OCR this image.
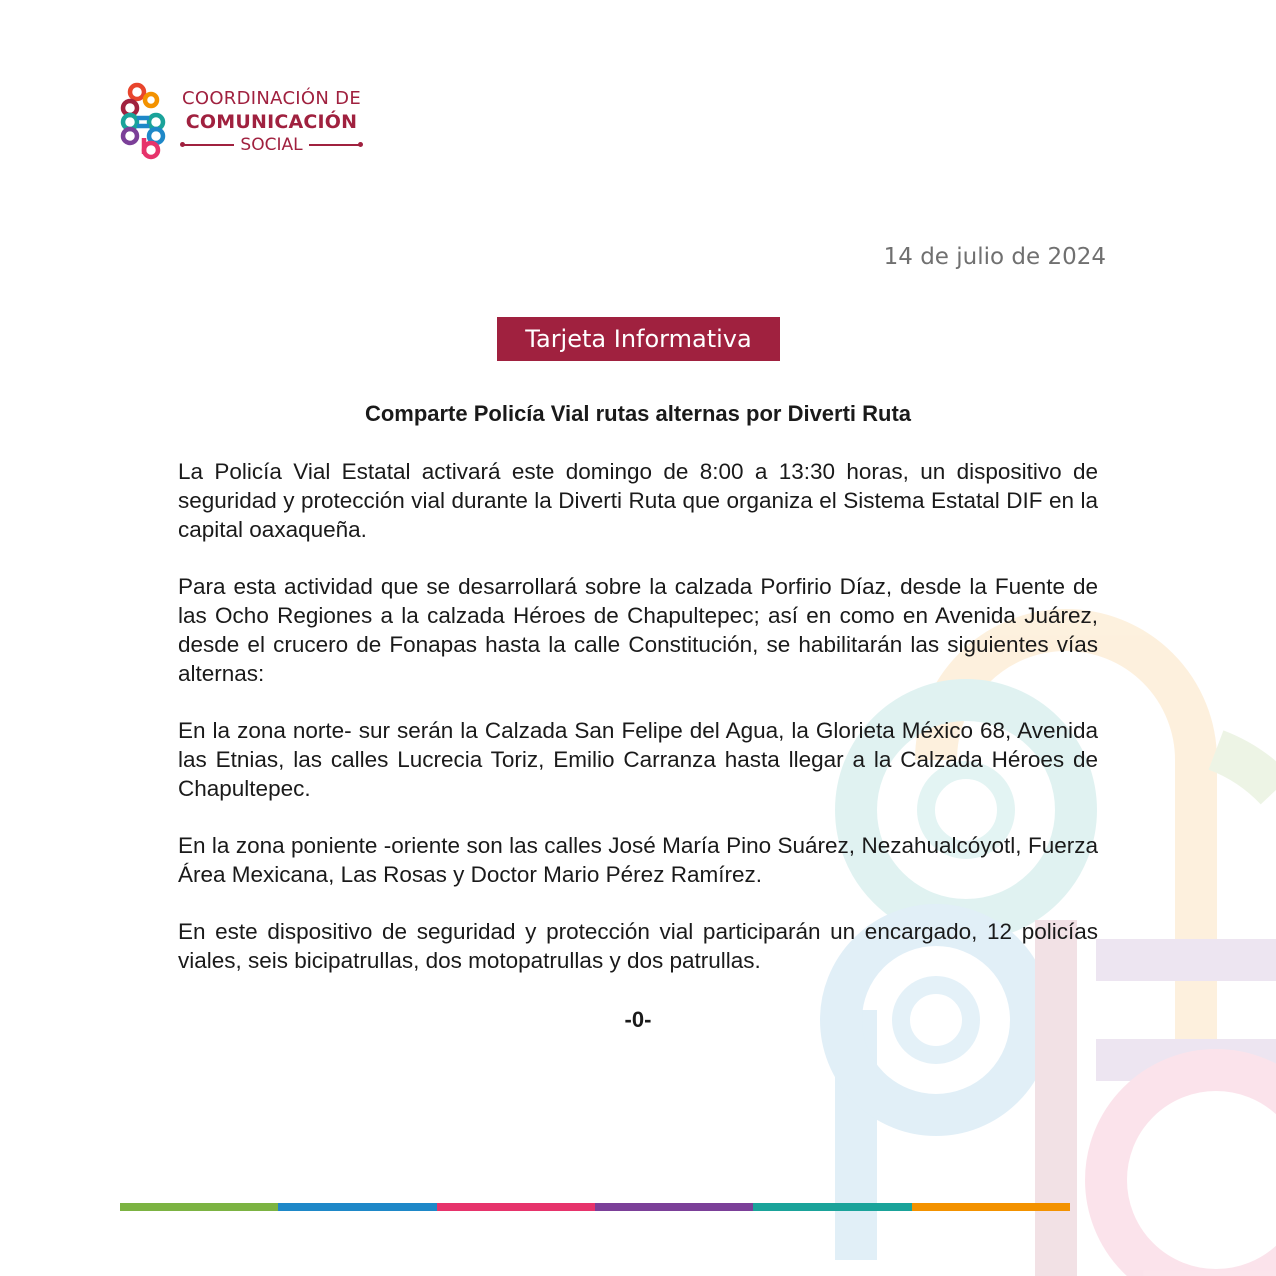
COORDINACIÓN DE
COMUNICACIÓN
SOCIAL
14 de julio de 2024
Tarjeta Informativa
Comparte Policía Vial rutas alternas por Diverti Ruta

La Policía Vial Estatal activará este domingo de 8:00 a 13:30 horas, un dispositivo de seguridad y protección vial durante la Diverti Ruta que organiza el Sistema Estatal DIF en la capital oaxaqueña.

Para esta actividad que se desarrollará sobre la calzada Porfirio Díaz, desde la Fuente de las Ocho Regiones a la calzada Héroes de Chapultepec; así en como en Avenida Juárez, desde el crucero de Fonapas hasta la calle Constitución, se habilitarán las siguientes vías alternas:

En la zona norte- sur serán la Calzada San Felipe del Agua, la Glorieta México 68, Avenida las Etnias, las calles Lucrecia Toriz, Emilio Carranza hasta llegar a la Calzada Héroes de Chapultepec.

En la zona poniente -oriente son las calles José María Pino Suárez, Nezahualcóyotl, Fuerza Área Mexicana, Las Rosas y Doctor Mario Pérez Ramírez.

En este dispositivo de seguridad y protección vial participarán un encargado, 12 policías viales, seis bicipatrullas, dos motopatrullas y dos patrullas.

-0-
